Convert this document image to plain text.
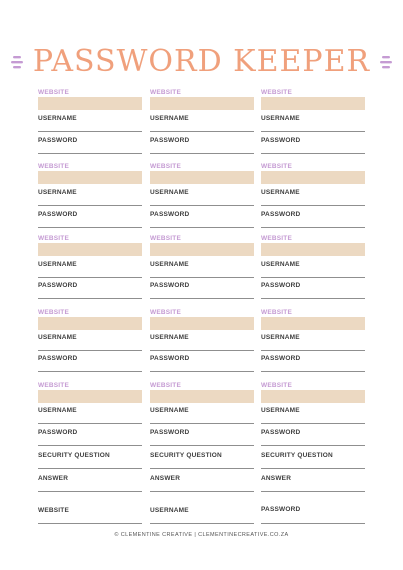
PASSWORD KEEPER
WEBSITE
USERNAME
PASSWORD
WEBSITE
USERNAME
PASSWORD
WEBSITE
USERNAME
PASSWORD
WEBSITE
USERNAME
PASSWORD
WEBSITE
USERNAME
PASSWORD
SECURITY QUESTION
ANSWER
WEBSITE
WEBSITE
USERNAME
PASSWORD
WEBSITE
USERNAME
PASSWORD
WEBSITE
USERNAME
PASSWORD
WEBSITE
USERNAME
PASSWORD
WEBSITE
USERNAME
PASSWORD
SECURITY QUESTION
ANSWER
USERNAME
WEBSITE
USERNAME
PASSWORD
WEBSITE
USERNAME
PASSWORD
WEBSITE
USERNAME
PASSWORD
WEBSITE
USERNAME
PASSWORD
WEBSITE
USERNAME
PASSWORD
SECURITY QUESTION
ANSWER
PASSWORD
© CLEMENTINE CREATIVE | CLEMENTINECREATIVE.CO.ZA
